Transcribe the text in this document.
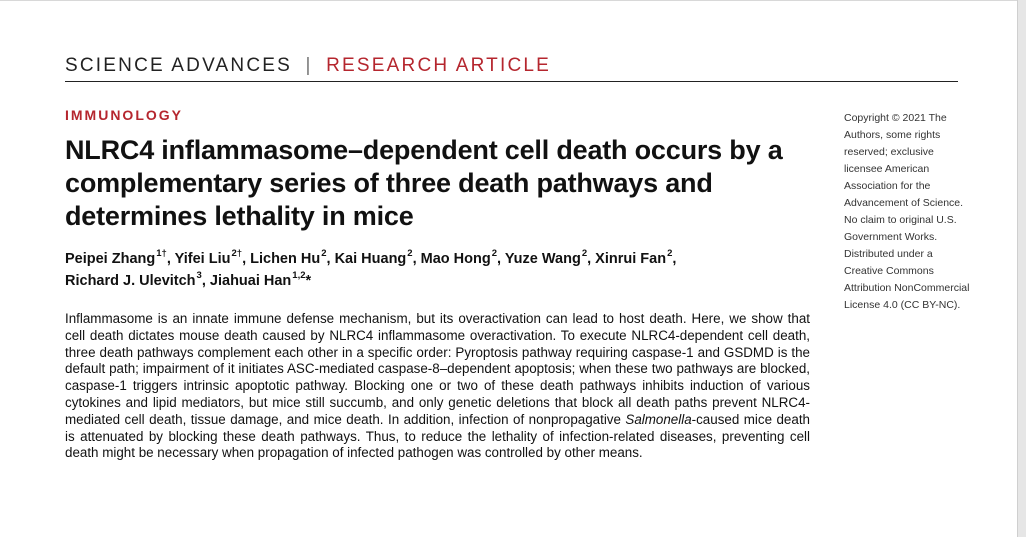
SCIENCE ADVANCES | RESEARCH ARTICLE
IMMUNOLOGY
NLRC4 inflammasome–dependent cell death occurs by a complementary series of three death pathways and determines lethality in mice
Peipei Zhang$^{1\dagger}$, Yifei Liu$^{2\dagger}$, Lichen Hu$^2$, Kai Huang$^2$, Mao Hong$^2$, Yuze Wang$^2$, Xinrui Fan$^2$,
Richard J. Ulevitch$^3$, Jiahuai Han$^{1,2}$*

Inflammasome is an innate immune defense mechanism, but its overactivation can lead to host death. Here, we show that cell death dictates mouse death caused by NLRC4 inflammasome overactivation. To execute NLRC4-dependent cell death, three death pathways complement each other in a specific order: Pyroptosis pathway requiring caspase-1 and GSDMD is the default path; impairment of it initiates ASC-mediated caspase-8–dependent apoptosis; when these two pathways are blocked, caspase-1 triggers intrinsic apoptotic pathway. Blocking one or two of these death pathways inhibits induction of various cytokines and lipid mediators, but mice still succumb, and only genetic deletions that block all death paths prevent NLRC4-mediated cell death, tissue damage, and mice death. In addition, infection of nonpropagative Salmonella-caused mice death is attenuated by blocking these death pathways. Thus, to reduce the lethality of infection-related diseases, preventing cell death might be necessary when propagation of infected pathogen was controlled by other means.

Copyright © 2021 The Authors, some rights reserved; exclusive licensee American Association for the Advancement of Science. No claim to original U.S. Government Works. Distributed under a Creative Commons Attribution NonCommercial License 4.0 (CC BY-NC).
